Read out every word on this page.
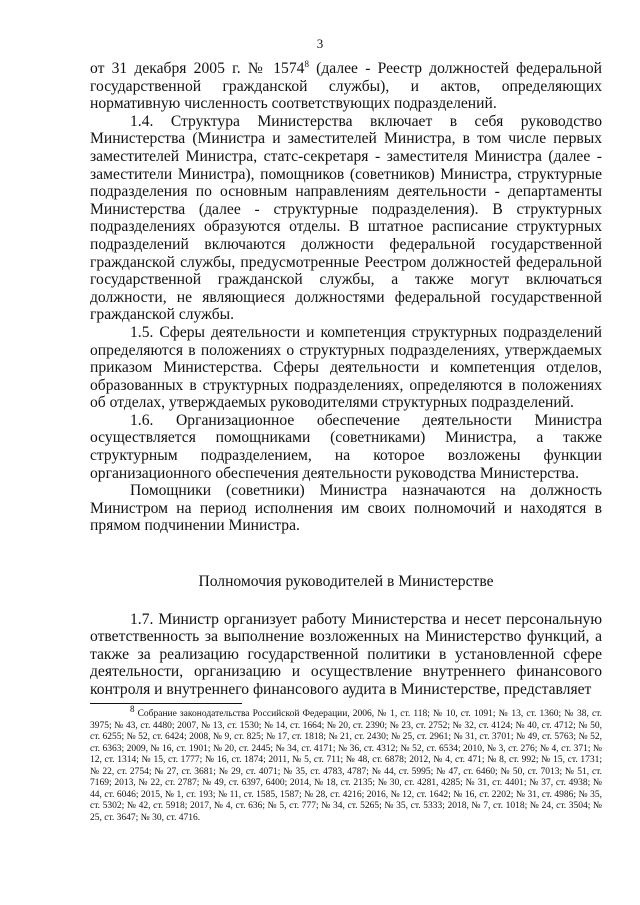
3

от 31 декабря 2005 г. № 1574$^8$ (далее - Реестр должностей федеральной государственной гражданской службы), и актов, определяющих нормативную численность соответствующих подразделений.

1.4. Структура Министерства включает в себя руководство Министерства (Министра и заместителей Министра, в том числе первых заместителей Министра, статс-секретаря - заместителя Министра (далее - заместители Министра), помощников (советников) Министра, структурные подразделения по основным направлениям деятельности - департаменты Министерства (далее - структурные подразделения). В структурных подразделениях образуются отделы. В штатное расписание структурных подразделений включаются должности федеральной государственной гражданской службы, предусмотренные Реестром должностей федеральной государственной гражданской службы, а также могут включаться должности, не являющиеся должностями федеральной государственной гражданской службы.

1.5. Сферы деятельности и компетенция структурных подразделений определяются в положениях о структурных подразделениях, утверждаемых приказом Министерства. Сферы деятельности и компетенция отделов, образованных в структурных подразделениях, определяются в положениях об отделах, утверждаемых руководителями структурных подразделений.

1.6. Организационное обеспечение деятельности Министра осуществляется помощниками (советниками) Министра, а также структурным подразделением, на которое возложены функции организационного обеспечения деятельности руководства Министерства.

Помощники (советники) Министра назначаются на должность Министром на период исполнения им своих полномочий и находятся в прямом подчинении Министра.

Полномочия руководителей в Министерстве

1.7. Министр организует работу Министерства и несет персональную ответственность за выполнение возложенных на Министерство функций, а также за реализацию государственной политики в установленной сфере деятельности, организацию и осуществление внутреннего финансового контроля и внутреннего финансового аудита в Министерстве, представляет

$^8$ Собрание законодательства Российской Федерации, 2006, № 1, ст. 118; № 10, ст. 1091; № 13, ст. 1360; № 38, ст. 3975; № 43, ст. 4480; 2007, № 13, ст. 1530; № 14, ст. 1664; № 20, ст. 2390; № 23, ст. 2752; № 32, ст. 4124; № 40, ст. 4712; № 50, ст. 6255; № 52, ст. 6424; 2008, № 9, ст. 825; № 17, ст. 1818; № 21, ст. 2430; № 25, ст. 2961; № 31, ст. 3701; № 49, ст. 5763; № 52, ст. 6363; 2009, № 16, ст. 1901; № 20, ст. 2445; № 34, ст. 4171; № 36, ст. 4312; № 52, ст. 6534; 2010, № 3, ст. 276; № 4, ст. 371; № 12, ст. 1314; № 15, ст. 1777; № 16, ст. 1874; 2011, № 5, ст. 711; № 48, ст. 6878; 2012, № 4, ст. 471; № 8, ст. 992; № 15, ст. 1731; № 22, ст. 2754; № 27, ст. 3681; № 29, ст. 4071; № 35, ст. 4783, 4787; № 44, ст. 5995; № 47, ст. 6460; № 50, ст. 7013; № 51, ст. 7169; 2013, № 22, ст. 2787; № 49, ст. 6397, 6400; 2014, № 18, ст. 2135; № 30, ст. 4281, 4285; № 31, ст. 4401; № 37, ст. 4938; № 44, ст. 6046; 2015, № 1, ст. 193; № 11, ст. 1585, 1587; № 28, ст. 4216; 2016, № 12, ст. 1642; № 16, ст. 2202; № 31, ст. 4986; № 35, ст. 5302; № 42, ст. 5918; 2017, № 4, ст. 636; № 5, ст. 777; № 34, ст. 5265; № 35, ст. 5333; 2018, № 7, ст. 1018; № 24, ст. 3504; № 25, ст. 3647; № 30, ст. 4716.
